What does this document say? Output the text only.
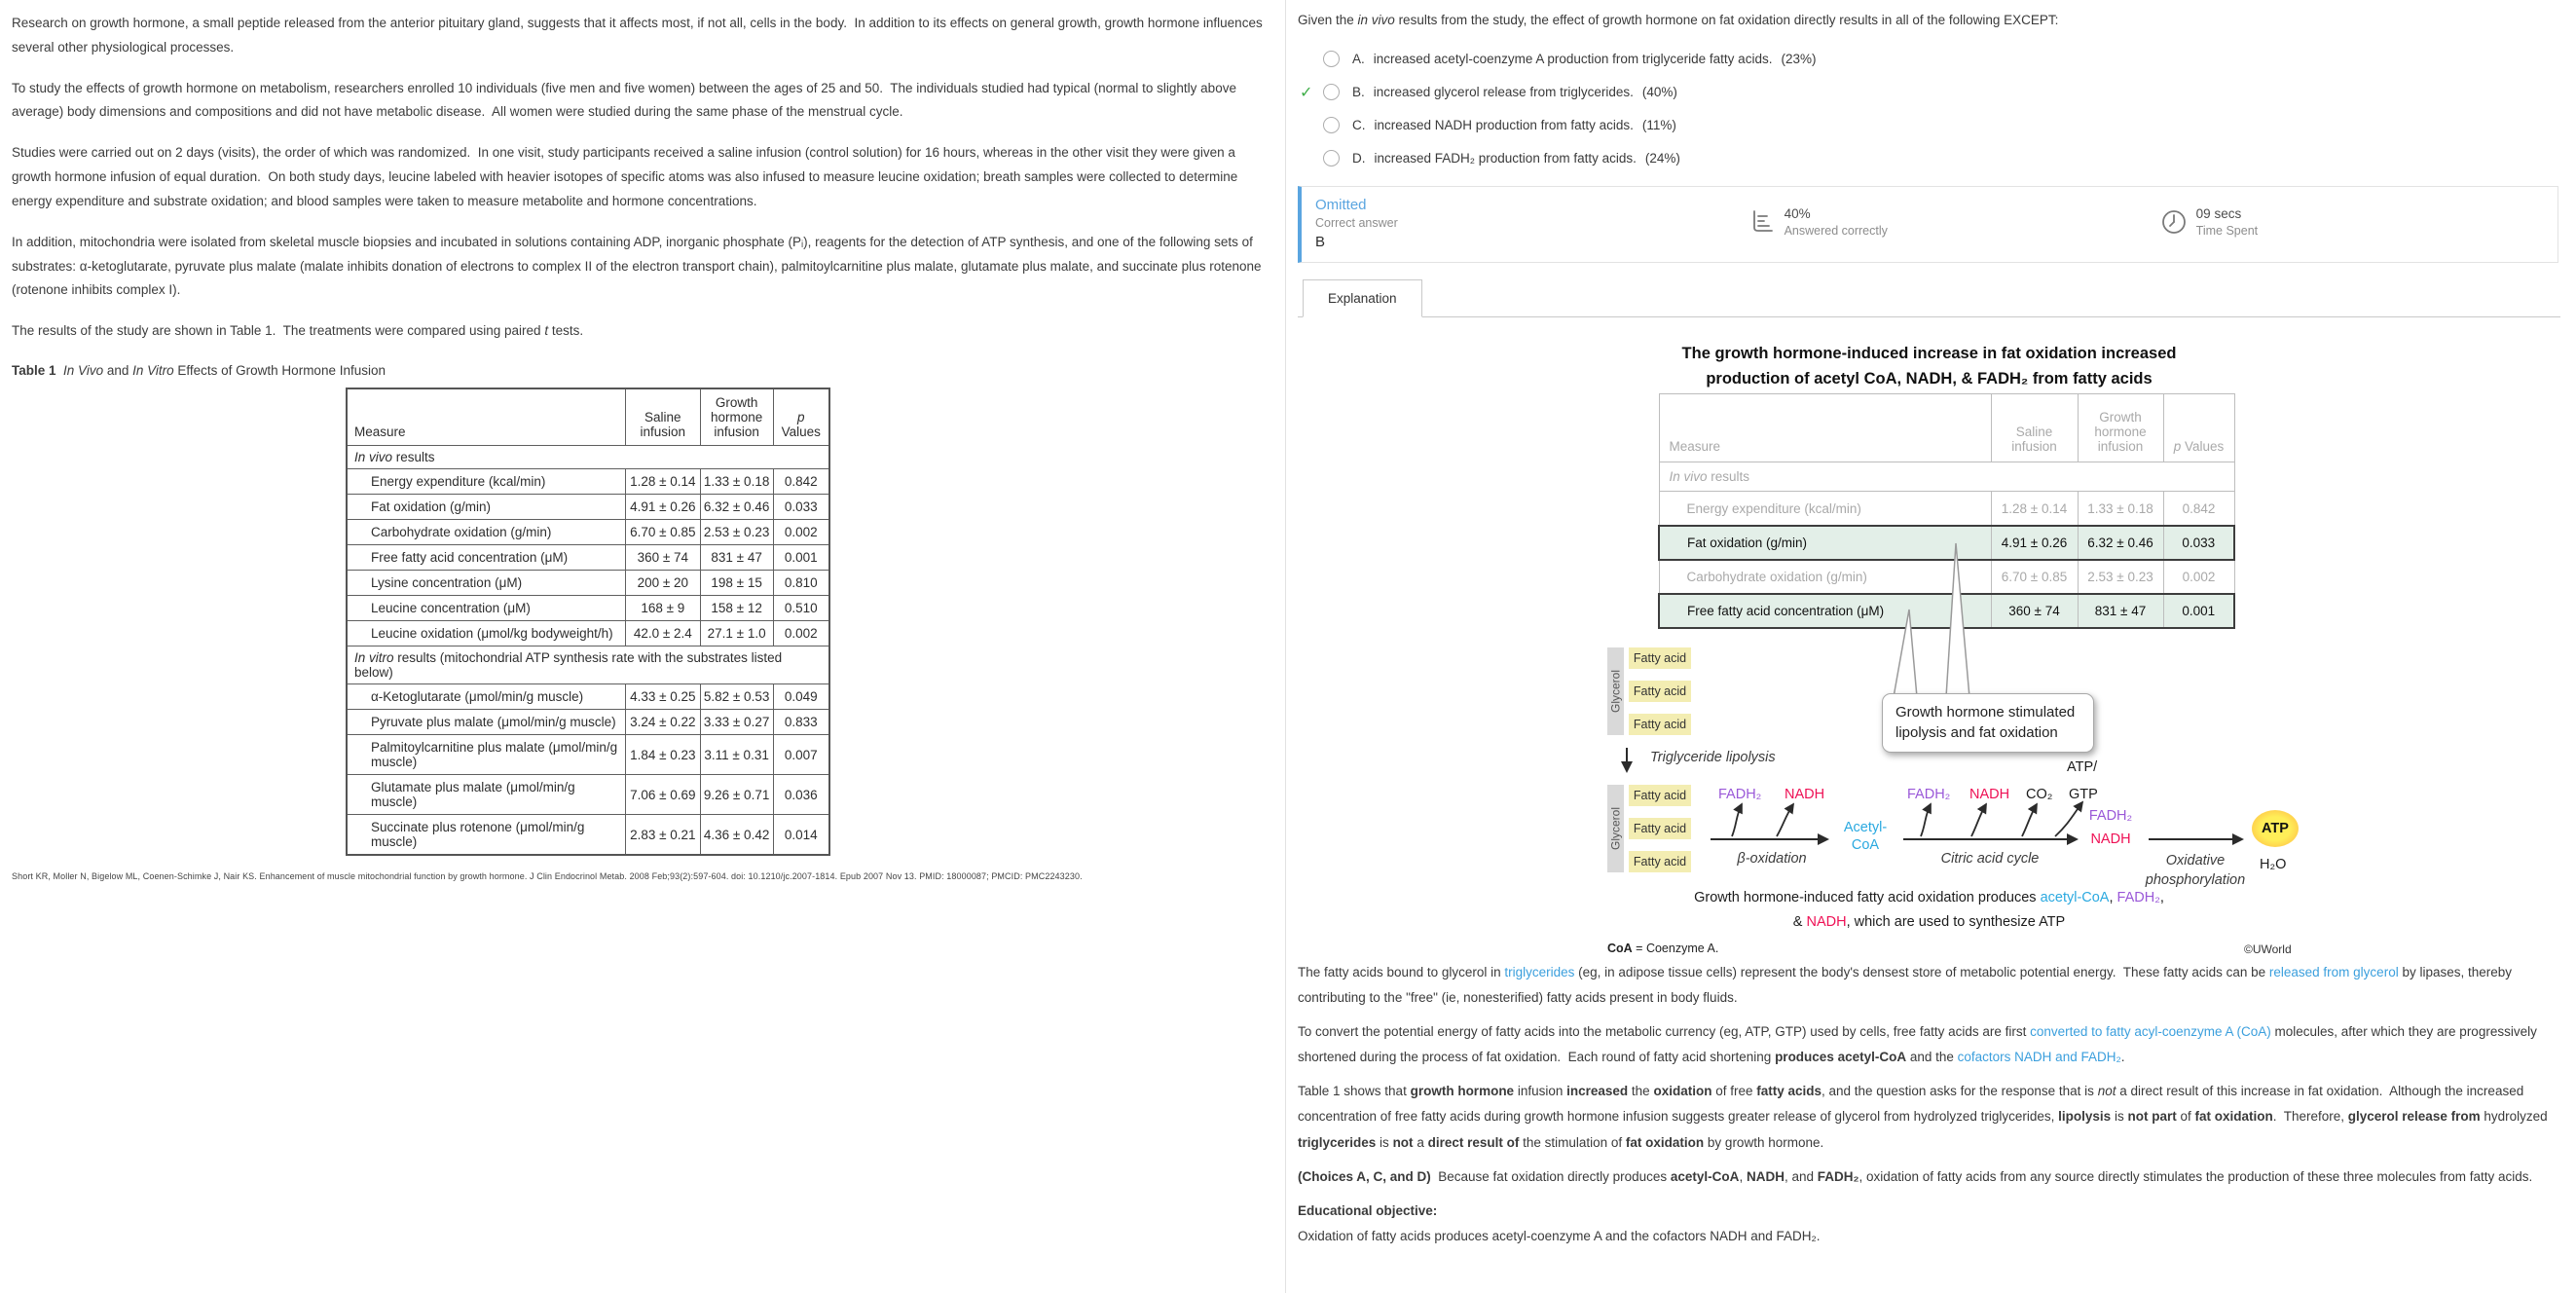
Research on growth hormone, a small peptide released from the anterior pituitary gland, suggests that it affects most, if not all, cells in the body.  In addition to its effects on general growth, growth hormone influences several other physiological processes.

To study the effects of growth hormone on metabolism, researchers enrolled 10 individuals (five men and five women) between the ages of 25 and 50.  The individuals studied had typical (normal to slightly above average) body dimensions and compositions and did not have metabolic disease.  All women were studied during the same phase of the menstrual cycle.

Studies were carried out on 2 days (visits), the order of which was randomized.  In one visit, study participants received a saline infusion (control solution) for 16 hours, whereas in the other visit they were given a growth hormone infusion of equal duration.  On both study days, leucine labeled with heavier isotopes of specific atoms was also infused to measure leucine oxidation; breath samples were collected to determine energy expenditure and substrate oxidation; and blood samples were taken to measure metabolite and hormone concentrations.

In addition, mitochondria were isolated from skeletal muscle biopsies and incubated in solutions containing ADP, inorganic phosphate (Pᵢ), reagents for the detection of ATP synthesis, and one of the following sets of substrates: α-ketoglutarate, pyruvate plus malate (malate inhibits donation of electrons to complex II of the electron transport chain), palmitoylcarnitine plus malate, glutamate plus malate, and succinate plus rotenone (rotenone inhibits complex I).

The results of the study are shown in Table 1.  The treatments were compared using paired t tests.

Table 1 In Vivo and In Vitro Effects of Growth Hormone Infusion
Measure	Saline infusion	Growth hormone infusion	p Values
In vivo results			
Energy expenditure (kcal/min)	1.28 ± 0.14	1.33 ± 0.18	0.842
Fat oxidation (g/min)	4.91 ± 0.26	6.32 ± 0.46	0.033
Carbohydrate oxidation (g/min)	6.70 ± 0.85	2.53 ± 0.23	0.002
Free fatty acid concentration (μM)	360 ± 74	831 ± 47	0.001
Lysine concentration (μM)	200 ± 20	198 ± 15	0.810
Leucine concentration (μM)	168 ± 9	158 ± 12	0.510
Leucine oxidation (μmol/kg bodyweight/h)	42.0 ± 2.4	27.1 ± 1.0	0.002
In vitro results (mitochondrial ATP synthesis rate with the substrates listed below)			
α-Ketoglutarate (μmol/min/g muscle)	4.33 ± 0.25	5.82 ± 0.53	0.049
Pyruvate plus malate (μmol/min/g muscle)	3.24 ± 0.22	3.33 ± 0.27	0.833
Palmitoylcarnitine plus malate (μmol/min/g muscle)	1.84 ± 0.23	3.11 ± 0.31	0.007
Glutamate plus malate (μmol/min/g muscle)	7.06 ± 0.69	9.26 ± 0.71	0.036
Succinate plus rotenone (μmol/min/g muscle)	2.83 ± 0.21	4.36 ± 0.42	0.014
Short KR, Moller N, Bigelow ML, Coenen-Schimke J, Nair KS. Enhancement of muscle mitochondrial function by growth hormone. J Clin Endocrinol Metab. 2008 Feb;93(2):597-604. doi: 10.1210/jc.2007-1814. Epub 2007 Nov 13. PMID: 18000087; PMCID: PMC2243230.
Given the in vivo results from the study, the effect of growth hormone on fat oxidation directly results in all of the following EXCEPT:
A. increased acetyl-coenzyme A production from triglyceride fatty acids. (23%)
✓	B. increased glycerol release from triglycerides. (40%)
C. increased NADH production from fatty acids. (11%)
D. increased FADH₂ production from fatty acids. (24%)
Omitted
Correct answer
B
40%
Answered correctly
09 secs
Time Spent
Explanation
The growth hormone-induced increase in fat oxidation increased
production of acetyl CoA, NADH, & FADH₂ from fatty acids
Measure	Saline infusion	Growth hormone infusion	p Values
In vivo results			
Energy expenditure (kcal/min)	1.28 ± 0.14	1.33 ± 0.18	0.842
Fat oxidation (g/min)	4.91 ± 0.26	6.32 ± 0.46	0.033
Carbohydrate oxidation (g/min)	6.70 ± 0.85	2.53 ± 0.23	0.002
Free fatty acid concentration (μM)	360 ± 74	831 ± 47	0.001
Growth hormone stimulated lipolysis and fat oxidation
Glycerol
Fatty acid
Fatty acid
Fatty acid
Triglyceride lipolysis
Glycerol
Fatty acid
Fatty acid
Fatty acid
FADH₂ NADH
β-oxidation
Acetyl-
CoA
FADH₂ NADH CO₂
ATP/
GTP
Citric acid cycle
FADH₂
NADH
Oxidative
phosphorylation
ATP
H₂O
Growth hormone-induced fatty acid oxidation produces acetyl-CoA, FADH₂,
& NADH, which are used to synthesize ATP
CoA = Coenzyme A.	©UWorld

The fatty acids bound to glycerol in triglycerides (eg, in adipose tissue cells) represent the body's densest store of metabolic potential energy.  These fatty acids can be released from glycerol by lipases, thereby contributing to the "free" (ie, nonesterified) fatty acids present in body fluids.

To convert the potential energy of fatty acids into the metabolic currency (eg, ATP, GTP) used by cells, free fatty acids are first converted to fatty acyl-coenzyme A (CoA) molecules, after which they are progressively shortened during the process of fat oxidation.  Each round of fatty acid shortening produces acetyl-CoA and the cofactors NADH and FADH₂.

Table 1 shows that growth hormone infusion increased the oxidation of free fatty acids, and the question asks for the response that is not a direct result of this increase in fat oxidation.  Although the increased concentration of free fatty acids during growth hormone infusion suggests greater release of glycerol from hydrolyzed triglycerides, lipolysis is not part of fat oxidation.  Therefore, glycerol release from hydrolyzed triglycerides is not a direct result of the stimulation of fat oxidation by growth hormone.

(Choices A, C, and D)  Because fat oxidation directly produces acetyl-CoA, NADH, and FADH₂, oxidation of fatty acids from any source directly stimulates the production of these three molecules from fatty acids.

Educational objective:
Oxidation of fatty acids produces acetyl-coenzyme A and the cofactors NADH and FADH₂.
